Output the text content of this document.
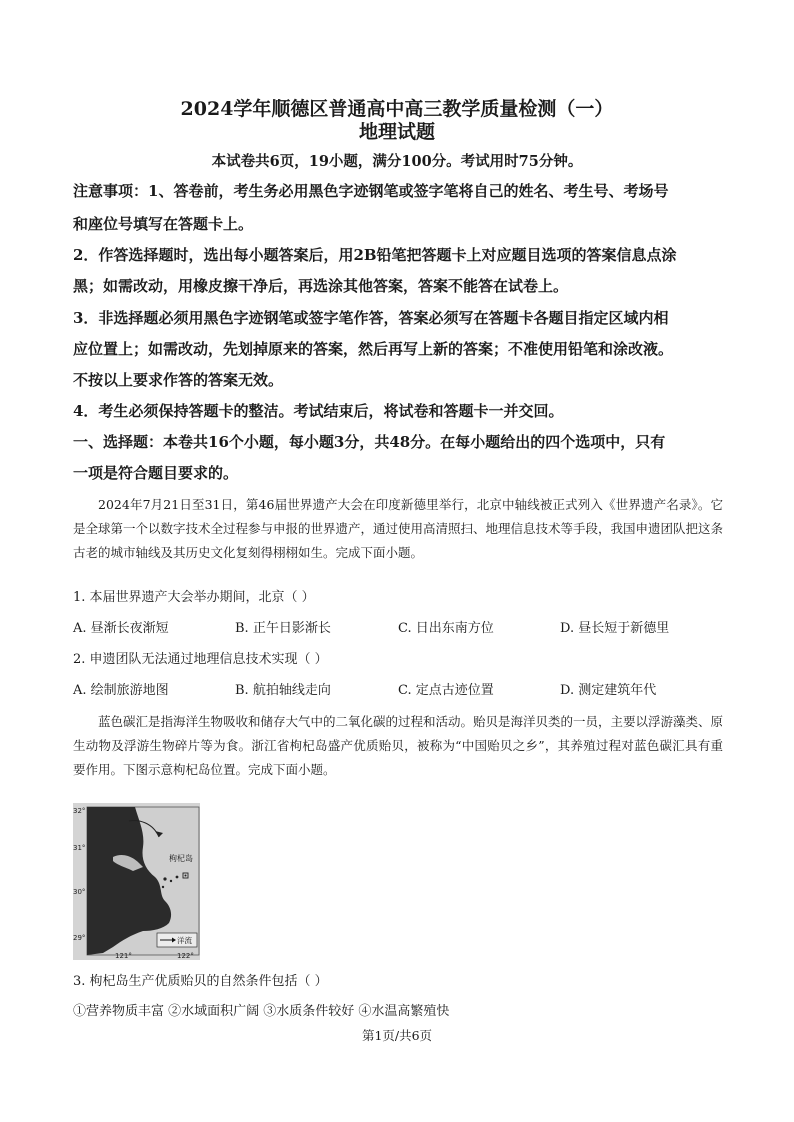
2024学年顺德区普通高中高三教学质量检测（一）
地理试题
本试卷共6页，19小题，满分100分。考试用时75分钟。
注意事项：1、答卷前，考生务必用黑色字迹钢笔或签字笔将自己的姓名、考生号、考场号
和座位号填写在答题卡上。
2．作答选择题时，选出每小题答案后，用2B铅笔把答题卡上对应题目选项的答案信息点涂
黑；如需改动，用橡皮擦干净后，再选涂其他答案，答案不能答在试卷上。
3．非选择题必须用黑色字迹钢笔或签字笔作答，答案必须写在答题卡各题目指定区域内相
应位置上；如需改动，先划掉原来的答案，然后再写上新的答案；不准使用铅笔和涂改液。
不按以上要求作答的答案无效。
4．考生必须保持答题卡的整洁。考试结束后，将试卷和答题卡一并交回。
一、选择题：本卷共16个小题，每小题3分，共48分。在每小题给出的四个选项中，只有
一项是符合题目要求的。
2024年7月21日至31日，第46届世界遗产大会在印度新德里举行，北京中轴线被正式列入《世界遗产名录》。它是全球第一个以数字技术全过程参与申报的世界遗产，通过使用高清照扫、地理信息技术等手段，我国申遗团队把这条古老的城市轴线及其历史文化复刻得栩栩如生。完成下面小题。
1. 本届世界遗产大会举办期间，北京（ ）
A. 昼渐长夜渐短	B. 正午日影渐长	C. 日出东南方位	D. 昼长短于新德里
2. 申遗团队无法通过地理信息技术实现（ ）
A. 绘制旅游地图	B. 航拍轴线走向	C. 定点古迹位置	D. 测定建筑年代
蓝色碳汇是指海洋生物吸收和储存大气中的二氧化碳的过程和活动。贻贝是海洋贝类的一员，主要以浮游藻类、原生动物及浮游生物碎片等为食。浙江省枸杞岛盛产优质贻贝，被称为“中国贻贝之乡”，其养殖过程对蓝色碳汇具有重要作用。下图示意枸杞岛位置。完成下面小题。
枸杞岛
32°
31°
30°
29°
121°	122°
洋流
3. 枸杞岛生产优质贻贝的自然条件包括（ ）
①营养物质丰富 ②水域面积广阔 ③水质条件较好 ④水温高繁殖快
第1页/共6页
